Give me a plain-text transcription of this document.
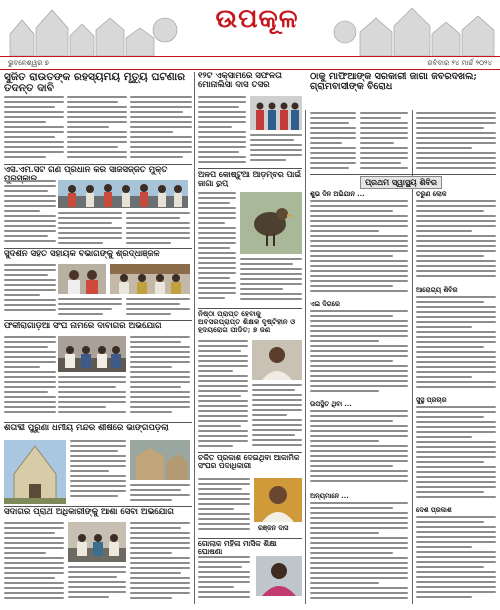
ଉପକୂଳ
ଭୁବନେଶ୍ୱର ୭	ରବିବାର ୨୪ ମାର୍ଚ୍ଚ ୨୦୨୪
ସୁଜିତ ରାଉତଙ୍କ ରହସ୍ୟମୟ ମୃତ୍ୟୁ ଘଟଣାର ତଦନ୍ତ ଦାବି
ଏସ.ଏମ.ସିଟି ଗଣ ପ୍ରଧାନ କରି ସାଜସଜ୍ଜିତ ମୁକ୍ତ
ସୁଦର୍ଶନ ସହିତ ସହାୟକ ବିଭାଗଙ୍କୁ ଶ୍ରଦ୍ଧାଞ୍ଜଳି
ଫକୀରାଗାଡ଼ିଆ ସଂଘ ନାମରେ ଦାବାଗିର ଅଭିଯୋଗ
ଶତାବ୍ଦୀ ପୁରୁଣା ଧର୍ମୀୟ ମନ୍ଦିର ଶୀର୍ଷରେ ଭାଙ୍ଗିପଡ଼ିଲା
ସଦାଗର ପ୍ରାର୍ଥ ଅଧିକାରୀଙ୍କୁ ଆଶା ସେବା ଅଭିଯୋଗ
୧୨ଟି ଏକ୍ସାମରେ ସଫଳତା ମୋନାଲିସା ଦାସ ତସର
ଅଳପ କୋଷ୍ଟୁଆ ଆଡ଼ମ୍ବର ପାଇଁ ଜାଗା ରୁପ୍
ନିଷ୍ଠା ପ୍ରାପ୍ତ ହେବାକୁ ଅବସରପ୍ରାପ୍ତ ଶିକ୍ଷକ ଦୃଷ୍ଟିହୀନ ଓ ହୃଦୟରୋଗ ପୀଡିତ; ୭ ଜଣ
ଚକିତ ପ୍ରକାଶ ଦେଇଥିବା ଆକାମିକ ସଂଘର ପଦାଧିକାରୀ
ରଞ୍ଜନ ଦାସ
ଗୋଲାକ ମହିଳା ମାସିକ ଶିକ୍ଷା ଘୋଷଣା
ଠାକୁ ମାଫିଆଙ୍କ ସରକାରୀ ଜାଗା ଜବରଦଖଲ; ଗ୍ରାମବାସୀଙ୍କ ବିରୋଧ
ପ୍ରଥମ ସ୍ୱାସ୍ଥ୍ୟ ଶିବିର
ଶୁଭ ଦିନ ଅଭିଯାନ ...
ଏଇ ଦିଗରେ
ଉପସ୍ଥିତ ଥିବା ...
ଅନ୍ୟମାନେ ...
ତରୁଣ ଲୋକ
ଆରୋଗ୍ୟ ଶିବିର
ସୁସ୍ଥ ପ୍ରଚାର
ଦେଶ ପ୍ରକାଶ
